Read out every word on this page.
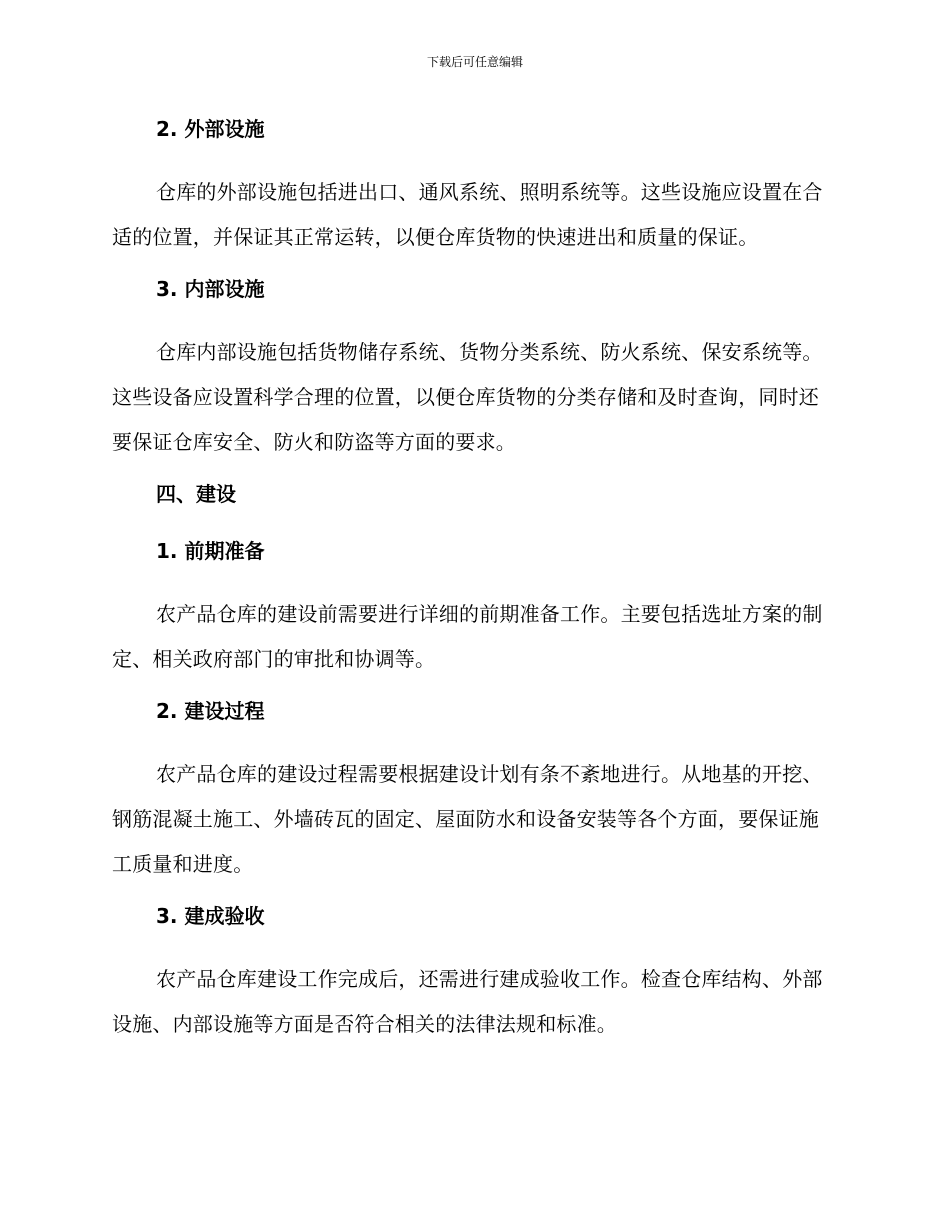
下载后可任意编辑
2. 外部设施

仓库的外部设施包括进出口、通风系统、照明系统等。这些设施应设置在合适的位置，并保证其正常运转，以便仓库货物的快速进出和质量的保证。

3. 内部设施

仓库内部设施包括货物储存系统、货物分类系统、防火系统、保安系统等。这些设备应设置科学合理的位置，以便仓库货物的分类存储和及时查询，同时还要保证仓库安全、防火和防盗等方面的要求。

四、建设
1. 前期准备

农产品仓库的建设前需要进行详细的前期准备工作。主要包括选址方案的制定、相关政府部门的审批和协调等。

2. 建设过程

农产品仓库的建设过程需要根据建设计划有条不紊地进行。从地基的开挖、钢筋混凝土施工、外墙砖瓦的固定、屋面防水和设备安装等各个方面，要保证施工质量和进度。

3. 建成验收

农产品仓库建设工作完成后，还需进行建成验收工作。检查仓库结构、外部设施、内部设施等方面是否符合相关的法律法规和标准。
